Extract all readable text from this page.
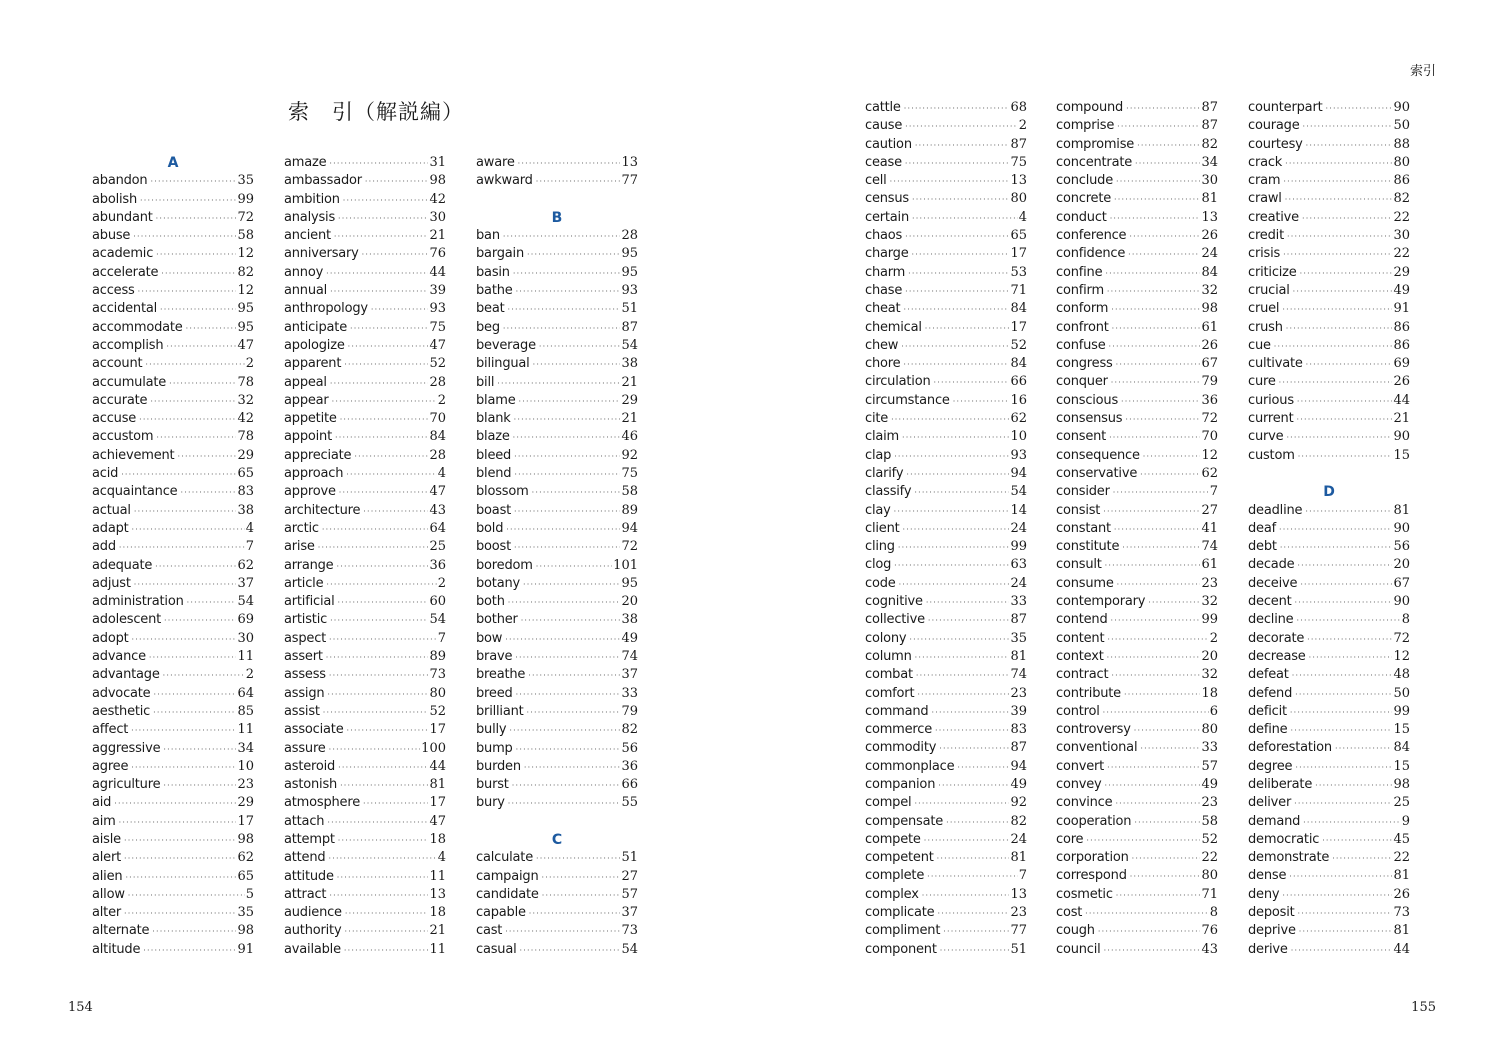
索　引（解説編）
A
abandon ·····	35
abolish ·····	99
abundant ·····	72
abuse ·····	58
academic ·····	12
accelerate ·····	82
access ·····	12
accidental ·····	95
accommodate ·····	95
accomplish ·····	47
account ·····	2
accumulate ·····	78
accurate ·····	32
accuse ·····	42
accustom ·····	78
achievement ·····	29
acid ·····	65
acquaintance ·····	83
actual ·····	38
adapt ·····	4
add ·····	7
adequate ·····	62
adjust ·····	37
administration ·····	54
adolescent ·····	69
adopt ·····	30
advance ·····	11
advantage ·····	2
advocate ·····	64
aesthetic ·····	85
affect ·····	11
aggressive ·····	34
agree ·····	10
agriculture ·····	23
aid ·····	29
aim ·····	17
aisle ·····	98
alert ·····	62
alien ·····	65
allow ·····	5
alter ·····	35
alternate ·····	98
altitude ·····	91
amaze ·····	31
ambassador ·····	98
ambition ·····	42
analysis ·····	30
ancient ·····	21
anniversary ·····	76
annoy ·····	44
annual ·····	39
anthropology ·····	93
anticipate ·····	75
apologize ·····	47
apparent ·····	52
appeal ·····	28
appear ·····	2
appetite ·····	70
appoint ·····	84
appreciate ·····	28
approach ·····	4
approve ·····	47
architecture ·····	43
arctic ·····	64
arise ·····	25
arrange ·····	36
article ·····	2
artificial ·····	60
artistic ·····	54
aspect ·····	7
assert ·····	89
assess ·····	73
assign ·····	80
assist ·····	52
associate ·····	17
assure ·····	100
asteroid ·····	44
astonish ·····	81
atmosphere ·····	17
attach ·····	47
attempt ·····	18
attend ·····	4
attitude ·····	11
attract ·····	13
audience ·····	18
authority ·····	21
available ·····	11
aware ·····	13
awkward ·····	77
B
ban ·····	28
bargain ·····	95
basin ·····	95
bathe ·····	93
beat ·····	51
beg ·····	87
beverage ·····	54
bilingual ·····	38
bill ·····	21
blame ·····	29
blank ·····	21
blaze ·····	46
bleed ·····	92
blend ·····	75
blossom ·····	58
boast ·····	89
bold ·····	94
boost ·····	72
boredom ·····	101
botany ·····	95
both ·····	20
bother ·····	38
bow ·····	49
brave ·····	74
breathe ·····	37
breed ·····	33
brilliant ·····	79
bully ·····	82
bump ·····	56
burden ·····	36
burst ·····	66
bury ·····	55
C
calculate ·····	51
campaign ·····	27
candidate ·····	57
capable ·····	37
cast ·····	73
casual ·····	54
154
索引
cattle ·····	68
cause ·····	2
caution ·····	87
cease ·····	75
cell ·····	13
census ·····	80
certain ·····	4
chaos ·····	65
charge ·····	17
charm ·····	53
chase ·····	71
cheat ·····	84
chemical ·····	17
chew ·····	52
chore ·····	84
circulation ·····	66
circumstance ·····	16
cite ·····	62
claim ·····	10
clap ·····	93
clarify ·····	94
classify ·····	54
clay ·····	14
client ·····	24
cling ·····	99
clog ·····	63
code ·····	24
cognitive ·····	33
collective ·····	87
colony ·····	35
column ·····	81
combat ·····	74
comfort ·····	23
command ·····	39
commerce ·····	83
commodity ·····	87
commonplace ·····	94
companion ·····	49
compel ·····	92
compensate ·····	82
compete ·····	24
competent ·····	81
complete ·····	7
complex ·····	13
complicate ·····	23
compliment ·····	77
component ·····	51
compound ·····	87
comprise ·····	87
compromise ·····	82
concentrate ·····	34
conclude ·····	30
concrete ·····	81
conduct ·····	13
conference ·····	26
confidence ·····	24
confine ·····	84
confirm ·····	32
conform ·····	98
confront ·····	61
confuse ·····	26
congress ·····	67
conquer ·····	79
conscious ·····	36
consensus ·····	72
consent ·····	70
consequence ·····	12
conservative ·····	62
consider ·····	7
consist ·····	27
constant ·····	41
constitute ·····	74
consult ·····	61
consume ·····	23
contemporary ·····	32
contend ·····	99
content ·····	2
context ·····	20
contract ·····	32
contribute ·····	18
control ·····	6
controversy ·····	80
conventional ·····	33
convert ·····	57
convey ·····	49
convince ·····	23
cooperation ·····	58
core ·····	52
corporation ·····	22
correspond ·····	80
cosmetic ·····	71
cost ·····	8
cough ·····	76
council ·····	43
counterpart ·····	90
courage ·····	50
courtesy ·····	88
crack ·····	80
cram ·····	86
crawl ·····	82
creative ·····	22
credit ·····	30
crisis ·····	22
criticize ·····	29
crucial ·····	49
cruel ·····	91
crush ·····	86
cue ·····	86
cultivate ·····	69
cure ·····	26
curious ·····	44
current ·····	21
curve ·····	90
custom ·····	15
D
deadline ·····	81
deaf ·····	90
debt ·····	56
decade ·····	20
deceive ·····	67
decent ·····	90
decline ·····	8
decorate ·····	72
decrease ·····	12
defeat ·····	48
defend ·····	50
deficit ·····	99
define ·····	15
deforestation ·····	84
degree ·····	15
deliberate ·····	98
deliver ·····	25
demand ·····	9
democratic ·····	45
demonstrate ·····	22
dense ·····	81
deny ·····	26
deposit ·····	73
deprive ·····	81
derive ·····	44
155
